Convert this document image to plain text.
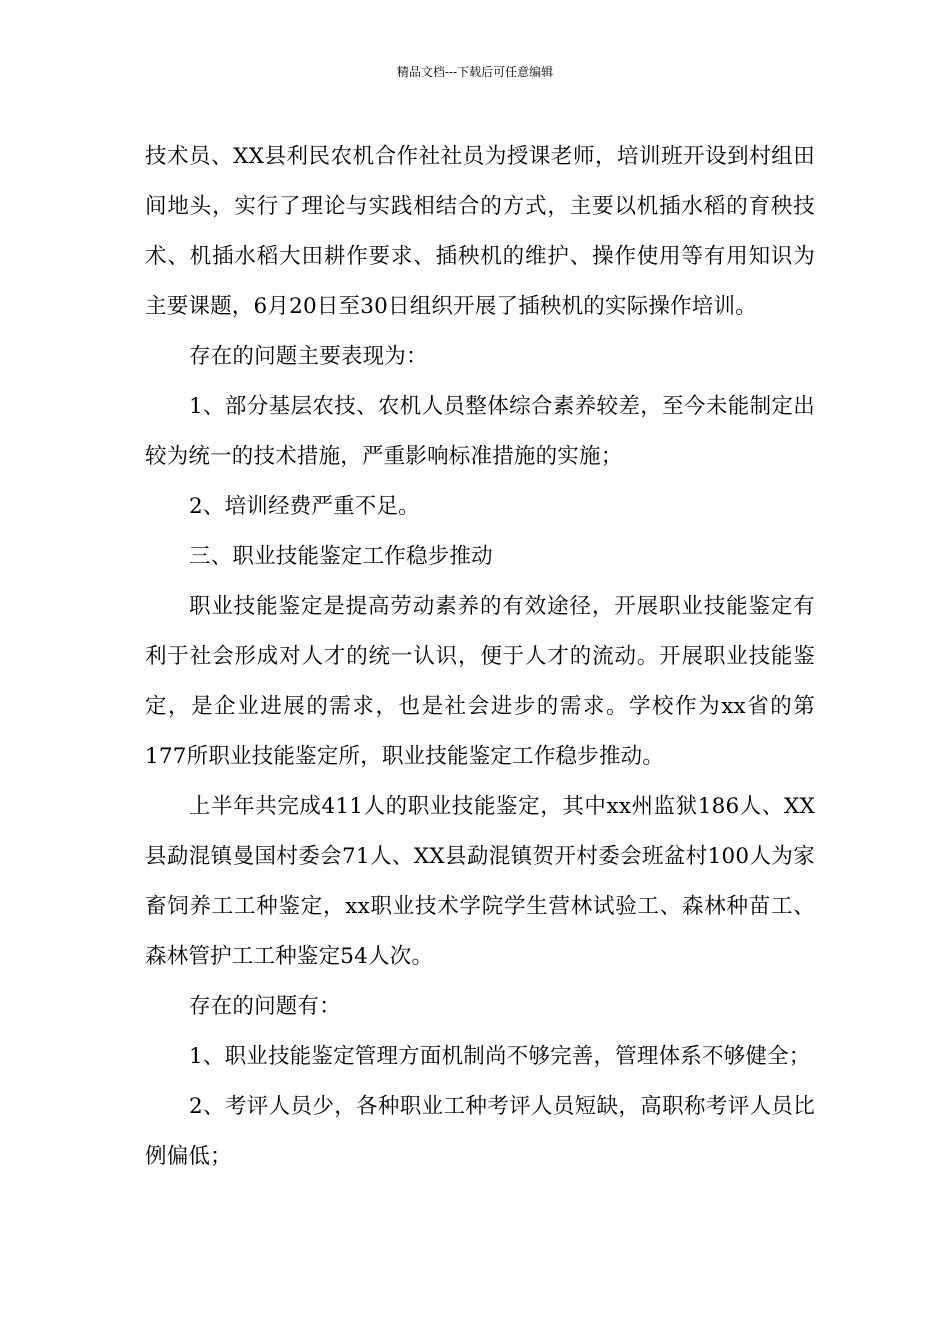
精品文档---下载后可任意编辑

技术员、XX县利民农机合作社社员为授课老师，培训班开设到村组田间地头，实行了理论与实践相结合的方式，主要以机插水稻的育秧技术、机插水稻大田耕作要求、插秧机的维护、操作使用等有用知识为主要课题，6月20日至30日组织开展了插秧机的实际操作培训。

存在的问题主要表现为：

1、部分基层农技、农机人员整体综合素养较差，至今未能制定出较为统一的技术措施，严重影响标准措施的实施；

2、培训经费严重不足。

三、职业技能鉴定工作稳步推动

职业技能鉴定是提高劳动素养的有效途径，开展职业技能鉴定有利于社会形成对人才的统一认识，便于人才的流动。开展职业技能鉴定，是企业进展的需求，也是社会进步的需求。学校作为xx省的第177所职业技能鉴定所，职业技能鉴定工作稳步推动。

上半年共完成411人的职业技能鉴定，其中xx州监狱186人、XX县勐混镇曼国村委会71人、XX县勐混镇贺开村委会班盆村100人为家畜饲养工工种鉴定，xx职业技术学院学生营林试验工、森林种苗工、森林管护工工种鉴定54人次。

存在的问题有：

1、职业技能鉴定管理方面机制尚不够完善，管理体系不够健全；

2、考评人员少，各种职业工种考评人员短缺，高职称考评人员比例偏低；
